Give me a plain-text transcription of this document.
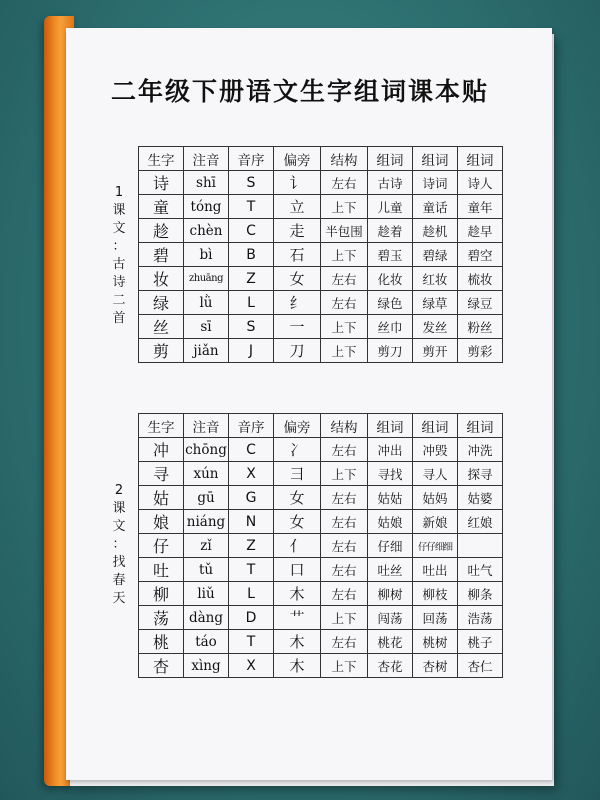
二年级下册语文生字组词课本贴
1
课
文
：
古
诗
二
首
生字	注音	音序	偏旁	结构	组词	组词	组词
诗	shī	S	讠	左右	古诗	诗词	诗人
童	tóng	T	立	上下	儿童	童话	童年
趁	chèn	C	走	半包围	趁着	趁机	趁早
碧	bì	B	石	上下	碧玉	碧绿	碧空
妆	zhuāng	Z	女	左右	化妆	红妆	梳妆
绿	lǜ	L	纟	左右	绿色	绿草	绿豆
丝	sī	S	一	上下	丝巾	发丝	粉丝
剪	jiǎn	J	刀	上下	剪刀	剪开	剪彩
2
课
文
：
找
春
天
生字	注音	音序	偏旁	结构	组词	组词	组词
冲	chōng	C	冫	左右	冲出	冲毁	冲洗
寻	xún	X	彐	上下	寻找	寻人	探寻
姑	gū	G	女	左右	姑姑	姑妈	姑婆
娘	niáng	N	女	左右	姑娘	新娘	红娘
仔	zǐ	Z	亻	左右	仔细	仔仔细细	
吐	tǔ	T	口	左右	吐丝	吐出	吐气
柳	liǔ	L	木	左右	柳树	柳枝	柳条
荡	dàng	D	艹	上下	闯荡	回荡	浩荡
桃	táo	T	木	左右	桃花	桃树	桃子
杏	xìng	X	木	上下	杏花	杏树	杏仁
